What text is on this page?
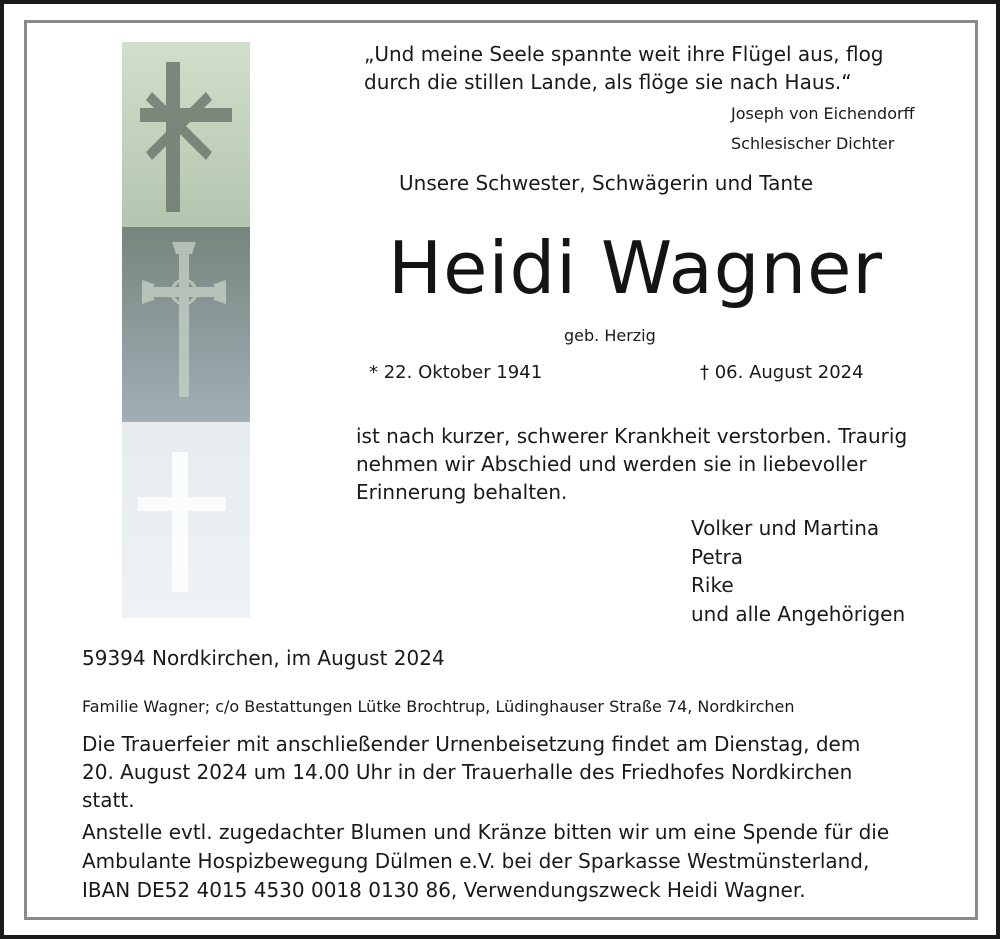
„Und meine Seele spannte weit ihre Flügel aus, flog
durch die stillen Lande, als flöge sie nach Haus.“
Joseph von Eichendorff
Schlesischer Dichter
Unsere Schwester, Schwägerin und Tante
Heidi Wagner
geb. Herzig
* 22. Oktober 1941	† 06. August 2024
ist nach kurzer, schwerer Krankheit verstorben. Traurig
nehmen wir Abschied und werden sie in liebevoller
Erinnerung behalten.
Volker und Martina
Petra
Rike
und alle Angehörigen
59394 Nordkirchen, im August 2024
Familie Wagner; c/o Bestattungen Lütke Brochtrup, Lüdinghauser Straße 74, Nordkirchen
Die Trauerfeier mit anschließender Urnenbeisetzung findet am Dienstag, dem
20. August 2024 um 14.00 Uhr in der Trauerhalle des Friedhofes Nordkirchen
statt.
Anstelle evtl. zugedachter Blumen und Kränze bitten wir um eine Spende für die
Ambulante Hospizbewegung Dülmen e.V. bei der Sparkasse Westmünsterland,
IBAN DE52 4015 4530 0018 0130 86, Verwendungszweck Heidi Wagner.
